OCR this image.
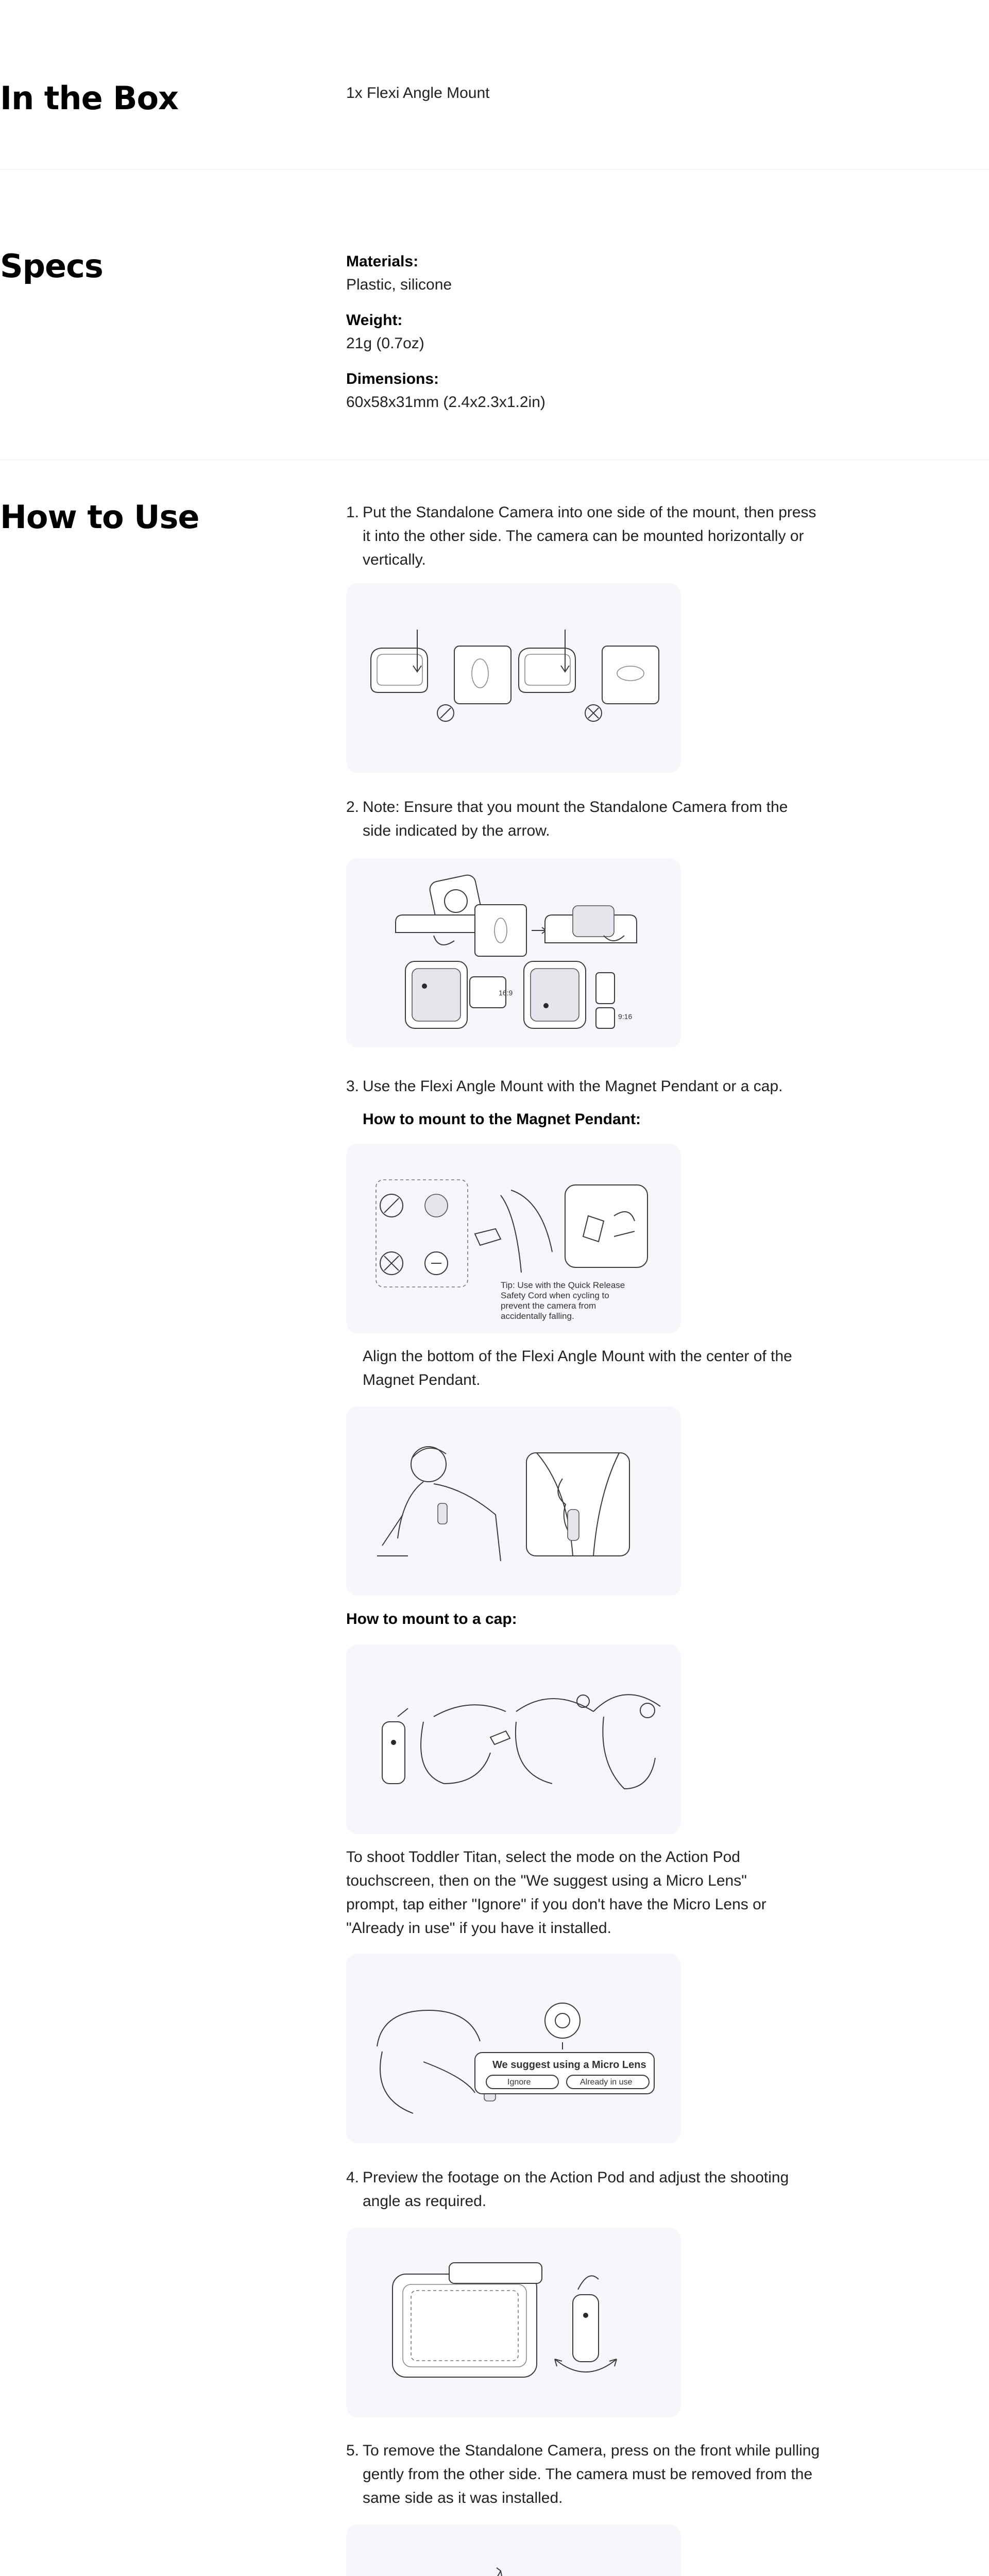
In the Box	1x Flexi Angle Mount

Specs	Materials:

Plastic, silicone

Weight:

21g (0.7oz)

Dimensions:

60x58x31mm (2.4x2.3x1.2in)

How to Use	1. Put the Standalone Camera into one side of the mount, then press it into the other side. The camera can be mounted horizontally or vertically.

2. Note: Ensure that you mount the Standalone Camera from the side indicated by the arrow.

16:9
9:16
3. Use the Flexi Angle Mount with the Magnet Pendant or a cap.

How to mount to the Magnet Pendant:
Tip: Use with the Quick Release
Safety Cord when cycling to
prevent the camera from
accidentally falling.

Align the bottom of the Flexi Angle Mount with the center of the Magnet Pendant.

How to mount to a cap:

To shoot Toddler Titan, select the mode on the Action Pod touchscreen, then on the "We suggest using a Micro Lens" prompt, tap either "Ignore" if you don't have the Micro Lens or "Already in use" if you have it installed.

We suggest using a Micro Lens
Ignore	Already in use
4. Preview the footage on the Action Pod and adjust the shooting angle as required.

5. To remove the Standalone Camera, press on the front while pulling gently from the other side. The camera must be removed from the same side as it was installed.
